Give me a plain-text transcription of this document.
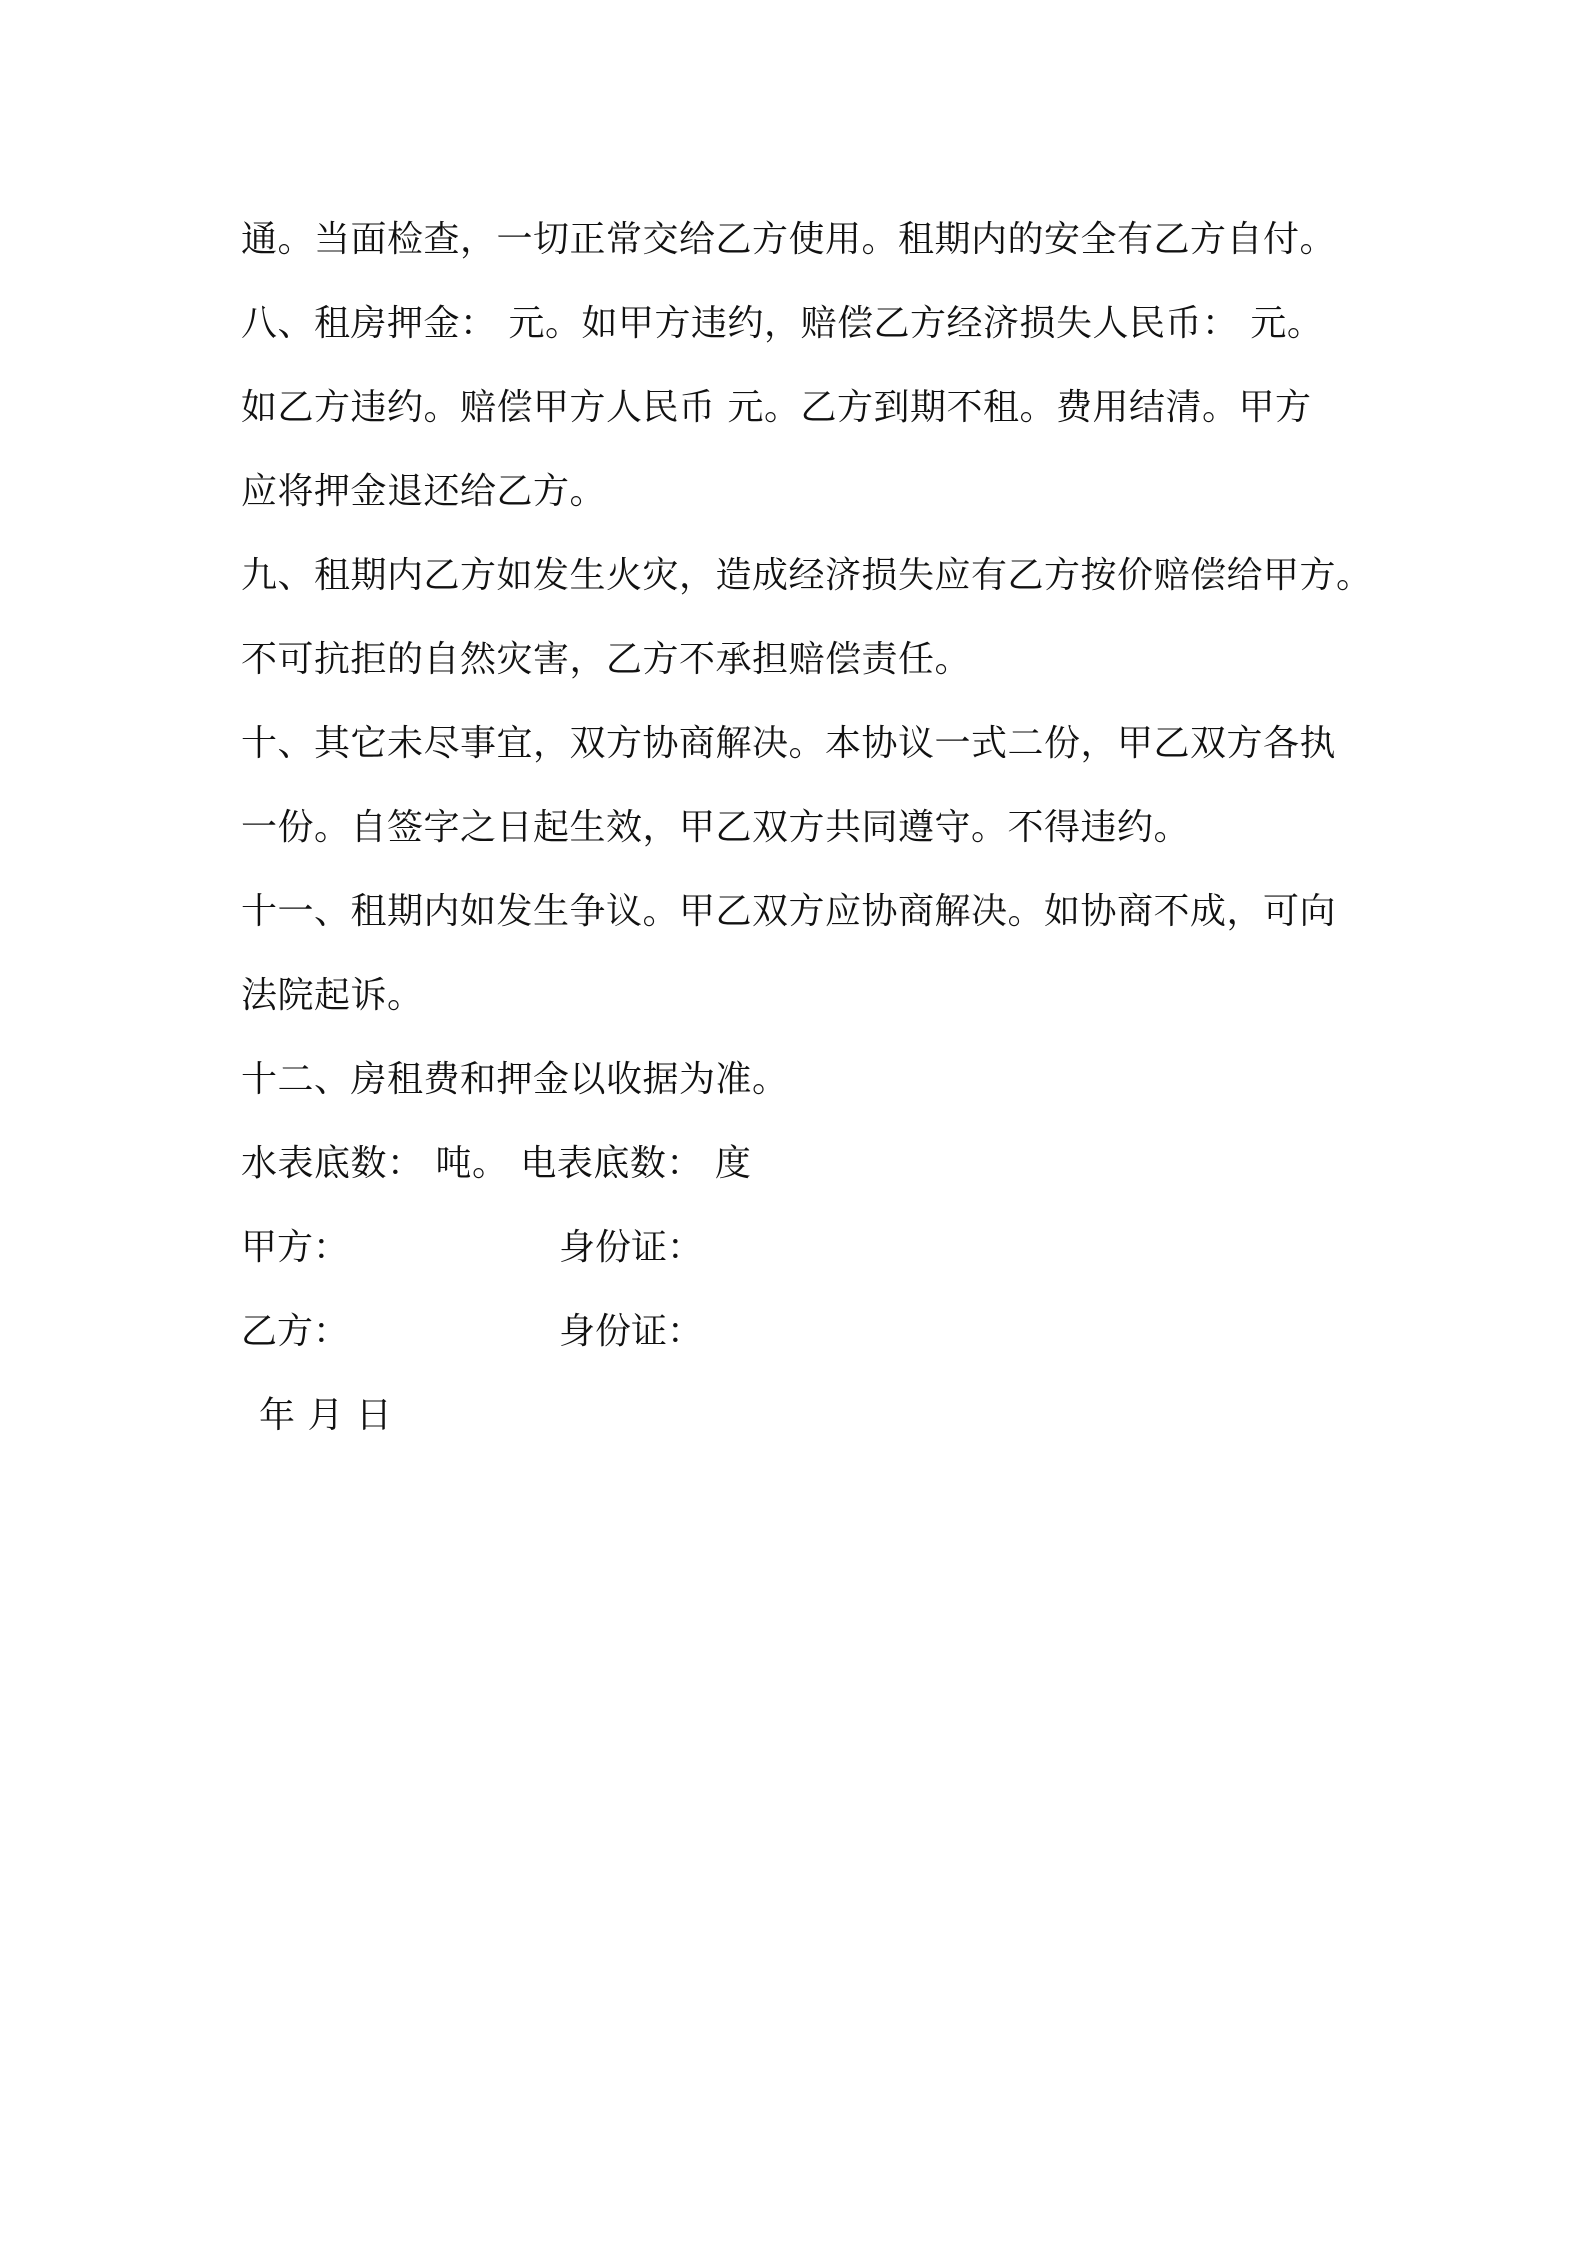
通。当面检查，一切正常交给乙方使用。租期内的安全有乙方自付。
八、租房押金： 元。如甲方违约，赔偿乙方经济损失人民币： 元。
如乙方违约。赔偿甲方人民币 元。乙方到期不租。费用结清。甲方
应将押金退还给乙方。
九、租期内乙方如发生火灾，造成经济损失应有乙方按价赔偿给甲方。
不可抗拒的自然灾害，乙方不承担赔偿责任。
十、其它未尽事宜，双方协商解决。本协议一式二份，甲乙双方各执
一份。自签字之日起生效，甲乙双方共同遵守。不得违约。
十一、租期内如发生争议。甲乙双方应协商解决。如协商不成，可向
法院起诉。
十二、房租费和押金以收据为准。
水表底数： 吨。 电表底数： 度
甲方：	身份证：
乙方：	身份证：
年 月 日
